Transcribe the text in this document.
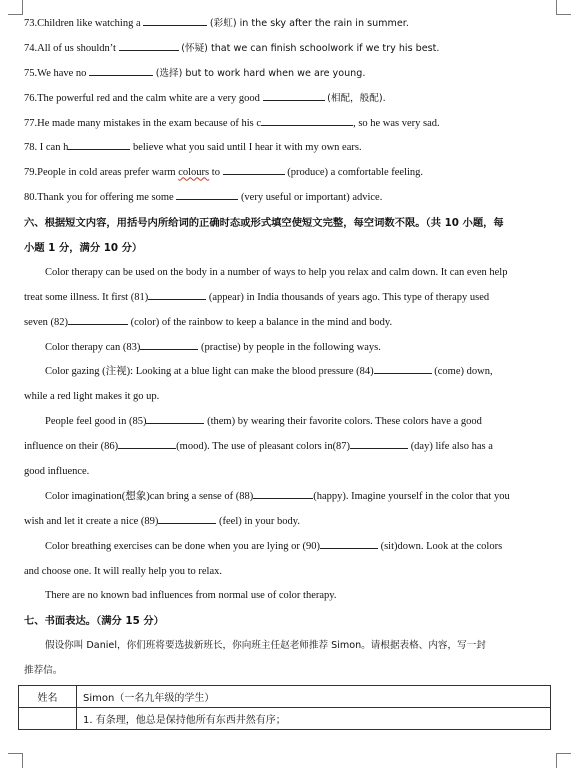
73.Children like watching a	(彩虹) in the sky after the rain in summer.
74.All of us shouldn’t	(怀疑) that we can finish schoolwork if we try his best.
75.We have no	(选择) but to work hard when we are young.
76.The powerful red and the calm white are a very good	(相配，般配).
77.He made many mistakes in the exam because of his c	, so he was very sad.
78. I can h	believe what you said until I hear it with my own ears.
79.People in cold areas prefer warm colours to	(produce) a comfortable feeling.
80.Thank you for offering me some	(very useful or important) advice.
六、根据短文内容，用括号内所给词的正确时态或形式填空使短文完整，每空词数不限。（共 10 小题，每
小题 1 分，满分 10 分）
Color therapy can be used on the body in a number of ways to help you relax and calm down. It can even help
treat some illness. It first (81)	(appear) in India thousands of years ago. This type of therapy used
seven (82)	(color) of the rainbow to keep a balance in the mind and body.
Color therapy can (83)	(practise) by people in the following ways.
Color gazing (注视): Looking at a blue light can make the blood pressure (84)	(come) down,
while a red light makes it go up.
People feel good in (85)	(them) by wearing their favorite colors. These colors have a good
influence on their (86)	(mood). The use of pleasant colors in(87)	(day) life also has a
good influence.
Color imagination(想象)can bring a sense of (88)	(happy). Imagine yourself in the color that you
wish and let it create a nice (89)	(feel) in your body.
Color breathing exercises can be done when you are lying or (90)	(sit)down. Look at the colors
and choose one. It will really help you to relax.
There are no known bad influences from normal use of color therapy.
七、书面表达。（满分 15 分）
假设你叫 Daniel，你们班将要选拔新班长，你向班主任赵老师推荐 Simon。请根据表格、内容，写一封
推荐信。
姓名	Simon（一名九年级的学生）
	1. 有条理，他总是保持他所有东西井然有序；
